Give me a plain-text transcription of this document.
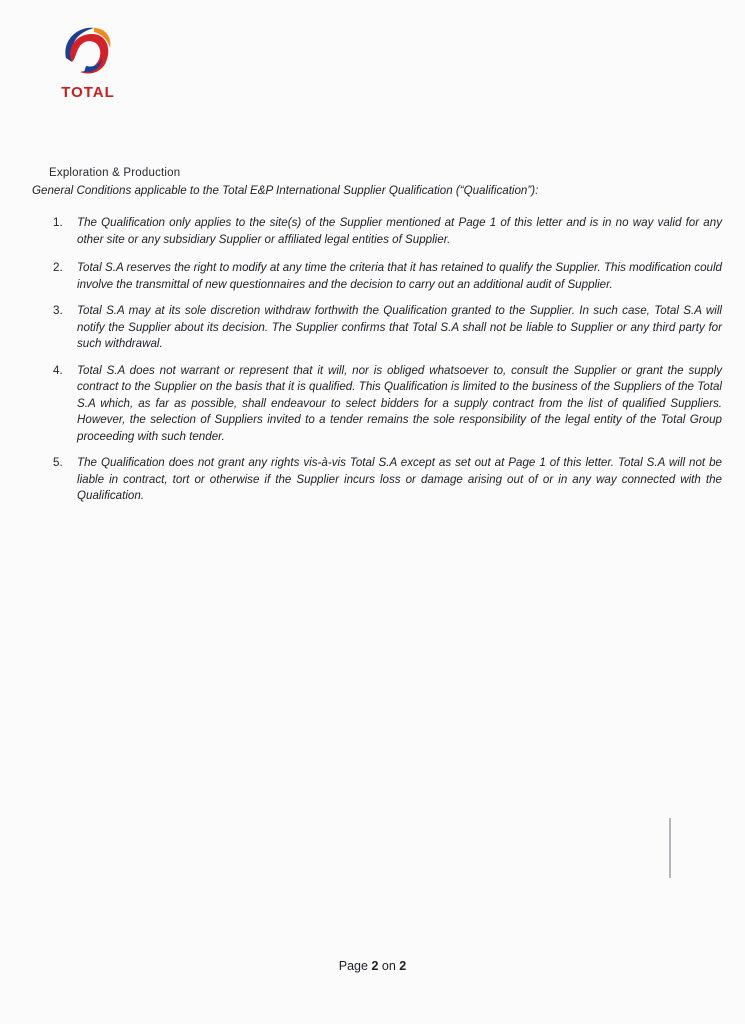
TOTAL
Exploration & Production
General Conditions applicable to the Total E&P International Supplier Qualification (“Qualification”):
1. The Qualification only applies to the site(s) of the Supplier mentioned at Page 1 of this letter and is in no way valid for any other site or any subsidiary Supplier or affiliated legal entities of Supplier.
2. Total S.A reserves the right to modify at any time the criteria that it has retained to qualify the Supplier. This modification could involve the transmittal of new questionnaires and the decision to carry out an additional audit of Supplier.
3. Total S.A may at its sole discretion withdraw forthwith the Qualification granted to the Supplier. In such case, Total S.A will notify the Supplier about its decision. The Supplier confirms that Total S.A shall not be liable to Supplier or any third party for such withdrawal.
4. Total S.A does not warrant or represent that it will, nor is obliged whatsoever to, consult the Supplier or grant the supply contract to the Supplier on the basis that it is qualified. This Qualification is limited to the business of the Suppliers of the Total S.A which, as far as possible, shall endeavour to select bidders for a supply contract from the list of qualified Suppliers. However, the selection of Suppliers invited to a tender remains the sole responsibility of the legal entity of the Total Group proceeding with such tender.
5. The Qualification does not grant any rights vis-à-vis Total S.A except as set out at Page 1 of this letter. Total S.A will not be liable in contract, tort or otherwise if the Supplier incurs loss or damage arising out of or in any way connected with the Qualification.
Page 2 on 2
